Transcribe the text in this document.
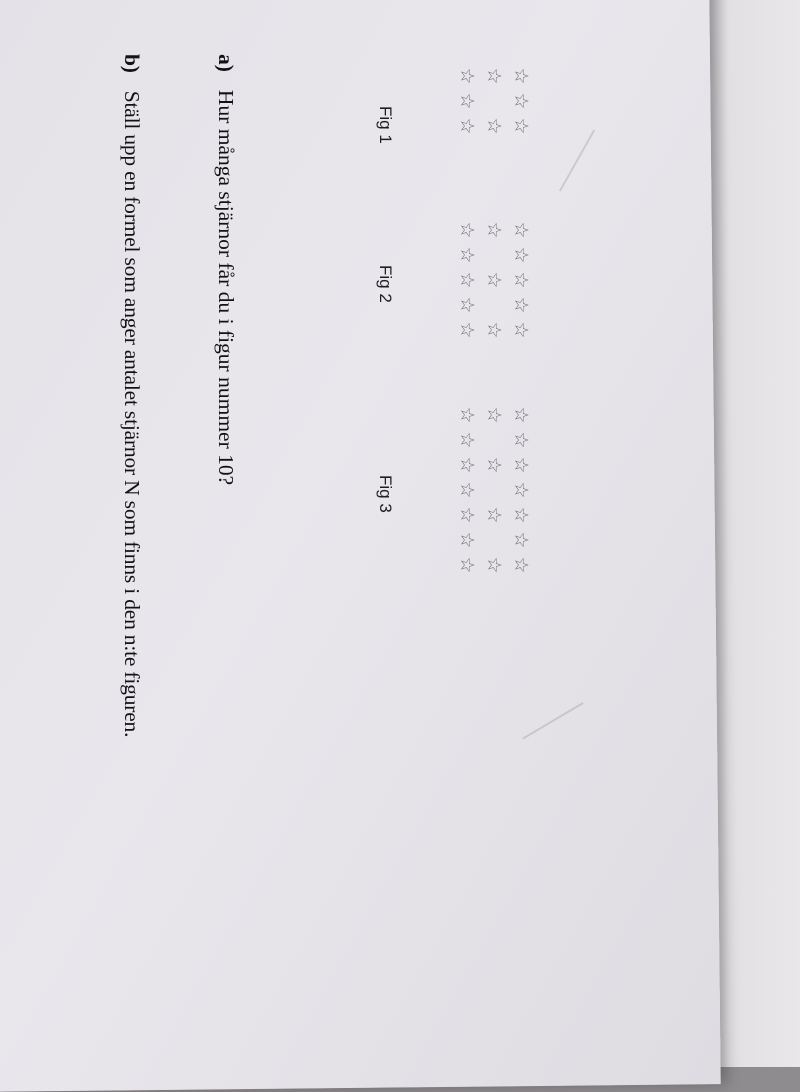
☆
☆
☆
☆
☆
☆
☆
☆
Fig 1
☆
☆
☆
☆
☆
☆
☆
☆
☆
☆
☆
☆
☆
Fig 2
☆
☆
☆
☆
☆
☆
☆
☆
☆
☆
☆
☆
☆
☆
☆
☆
☆
☆
Fig 3
a)Hur många stjärnor får du i figur nummer 10?
b)Ställ upp en formel som anger antalet stjärnor N som finns i den n:te figuren.
